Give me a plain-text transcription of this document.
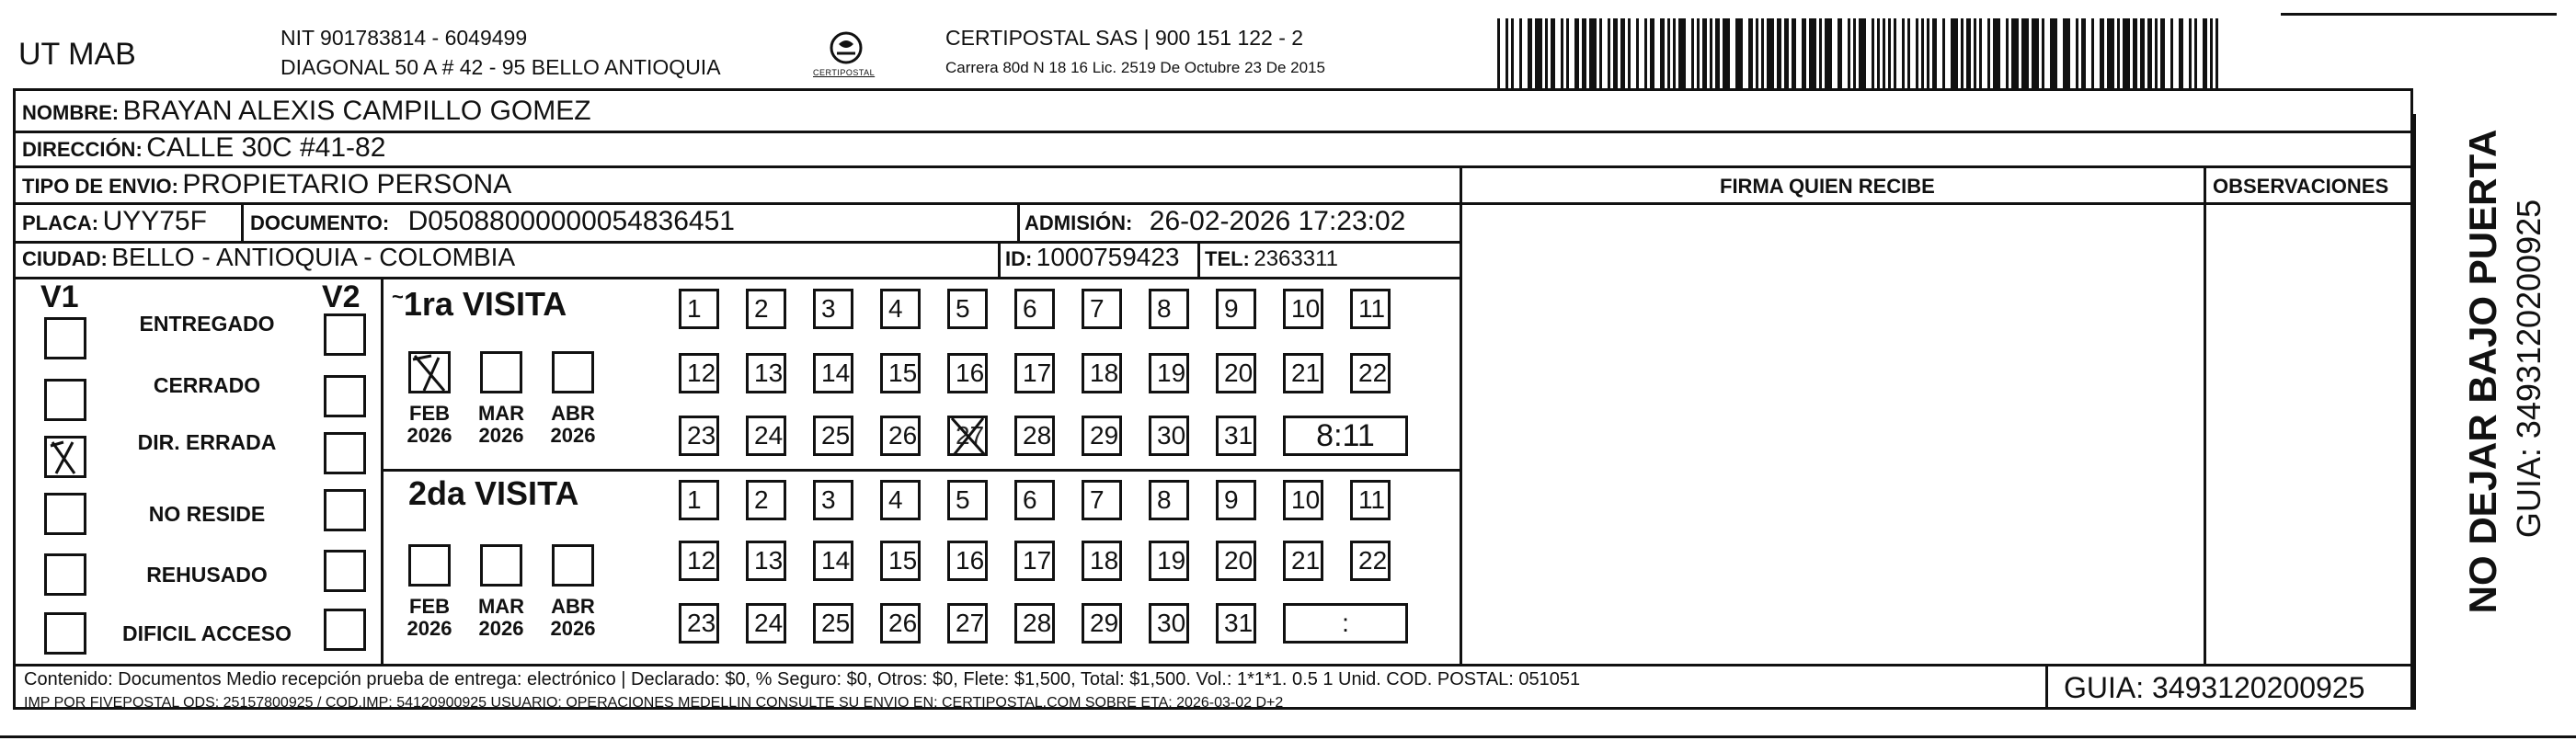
UT MAB	NIT 901783814 - 6049499
DIAGONAL 50 A # 42 - 95 BELLO ANTIOQUIA	CERTIPOSTAL
CERTIPOSTAL SAS | 900 151 122 - 2
Carrera 80d N 18 16 Lic. 2519 De Octubre 23 De 2015
FIRMA QUIEN RECIBE	OBSERVACIONES
NOMBRE: BRAYAN ALEXIS CAMPILLO GOMEZ
DIRECCIÓN: CALLE 30C #41-82
TIPO DE ENVIO: PROPIETARIO PERSONA
PLACA: UYY75F DOCUMENTO: D05088000000054836451	ADMISIÓN: 26-02-2026 17:23:02
CIUDAD: BELLO - ANTIOQUIA - COLOMBIA	ID: 1000759423 TEL: 2363311
V1	V2
ENTREGADO
CERRADO
DIR. ERRADA
NO RESIDE
REHUSADO
DIFICIL ACCESO
~1ra VISITA
2da VISITA
FEB
2026
MAR
2026
ABR
2026
FEB
2026
MAR
2026
ABR
2026
1	2	3	4	5	6	7	8	9	10	11
12	13	14	15	16	17	18	19	20	21	22
23	24	25	26	27	28	29	30	31	8:11
1	2	3	4	5	6	7	8	9	10	11
12	13	14	15	16	17	18	19	20	21	22
23	24	25	26	27	28	29	30	31	:
Contenido: Documentos Medio recepción prueba de entrega: electrónico | Declarado: $0, % Seguro: $0, Otros: $0, Flete: $1,500, Total: $1,500. Vol.: 1*1*1. 0.5 1 Unid. COD. POSTAL: 051051
IMP POR FIVEPOSTAL ODS: 25157800925 / COD.IMP: 54120900925 USUARIO: OPERACIONES MEDELLIN CONSULTE SU ENVIO EN: CERTIPOSTAL.COM SOBRE ETA: 2026-03-02 D+2	GUIA: 3493120200925
NO DEJAR BAJO PUERTA GUIA: 3493120200925
